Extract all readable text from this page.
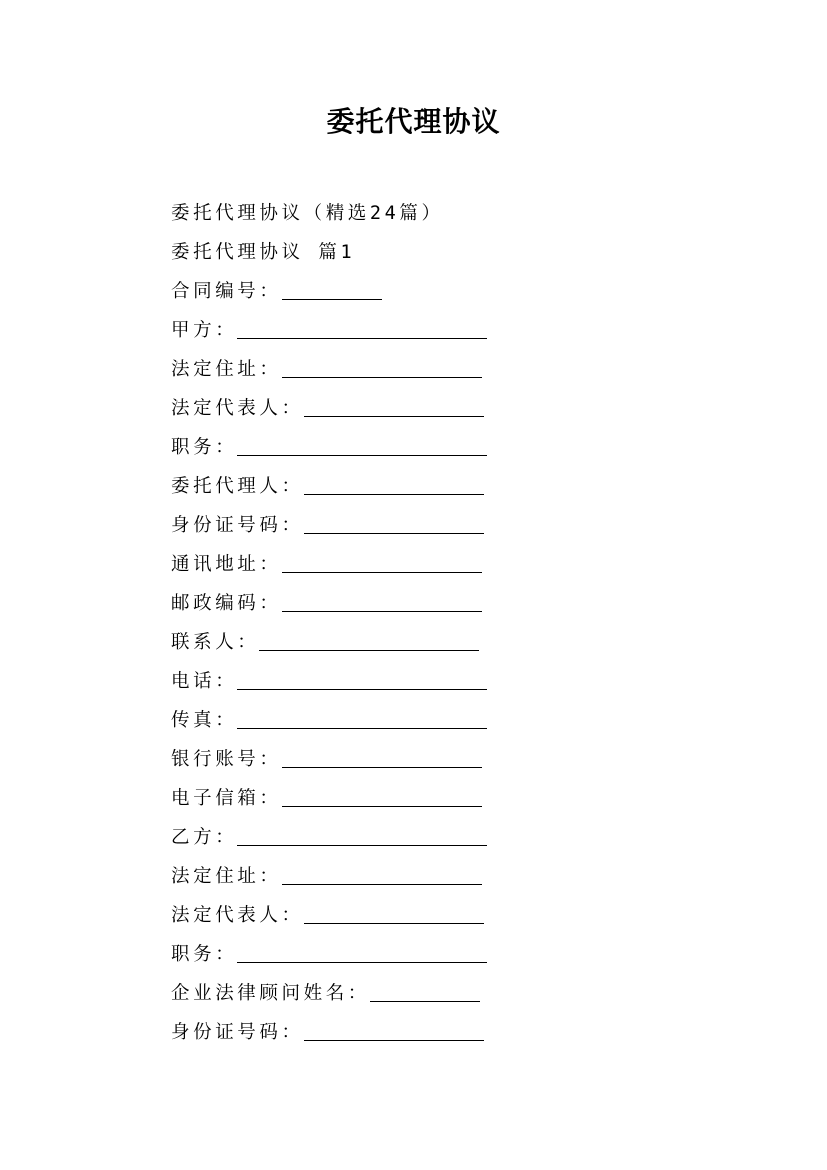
委托代理协议
委托代理协议（精选24篇）
委托代理协议 篇1
合同编号：
甲方：
法定住址：
法定代表人：
职务：
委托代理人：
身份证号码：
通讯地址：
邮政编码：
联系人：
电话：
传真：
银行账号：
电子信箱：
乙方：
法定住址：
法定代表人：
职务：
企业法律顾问姓名：
身份证号码：
